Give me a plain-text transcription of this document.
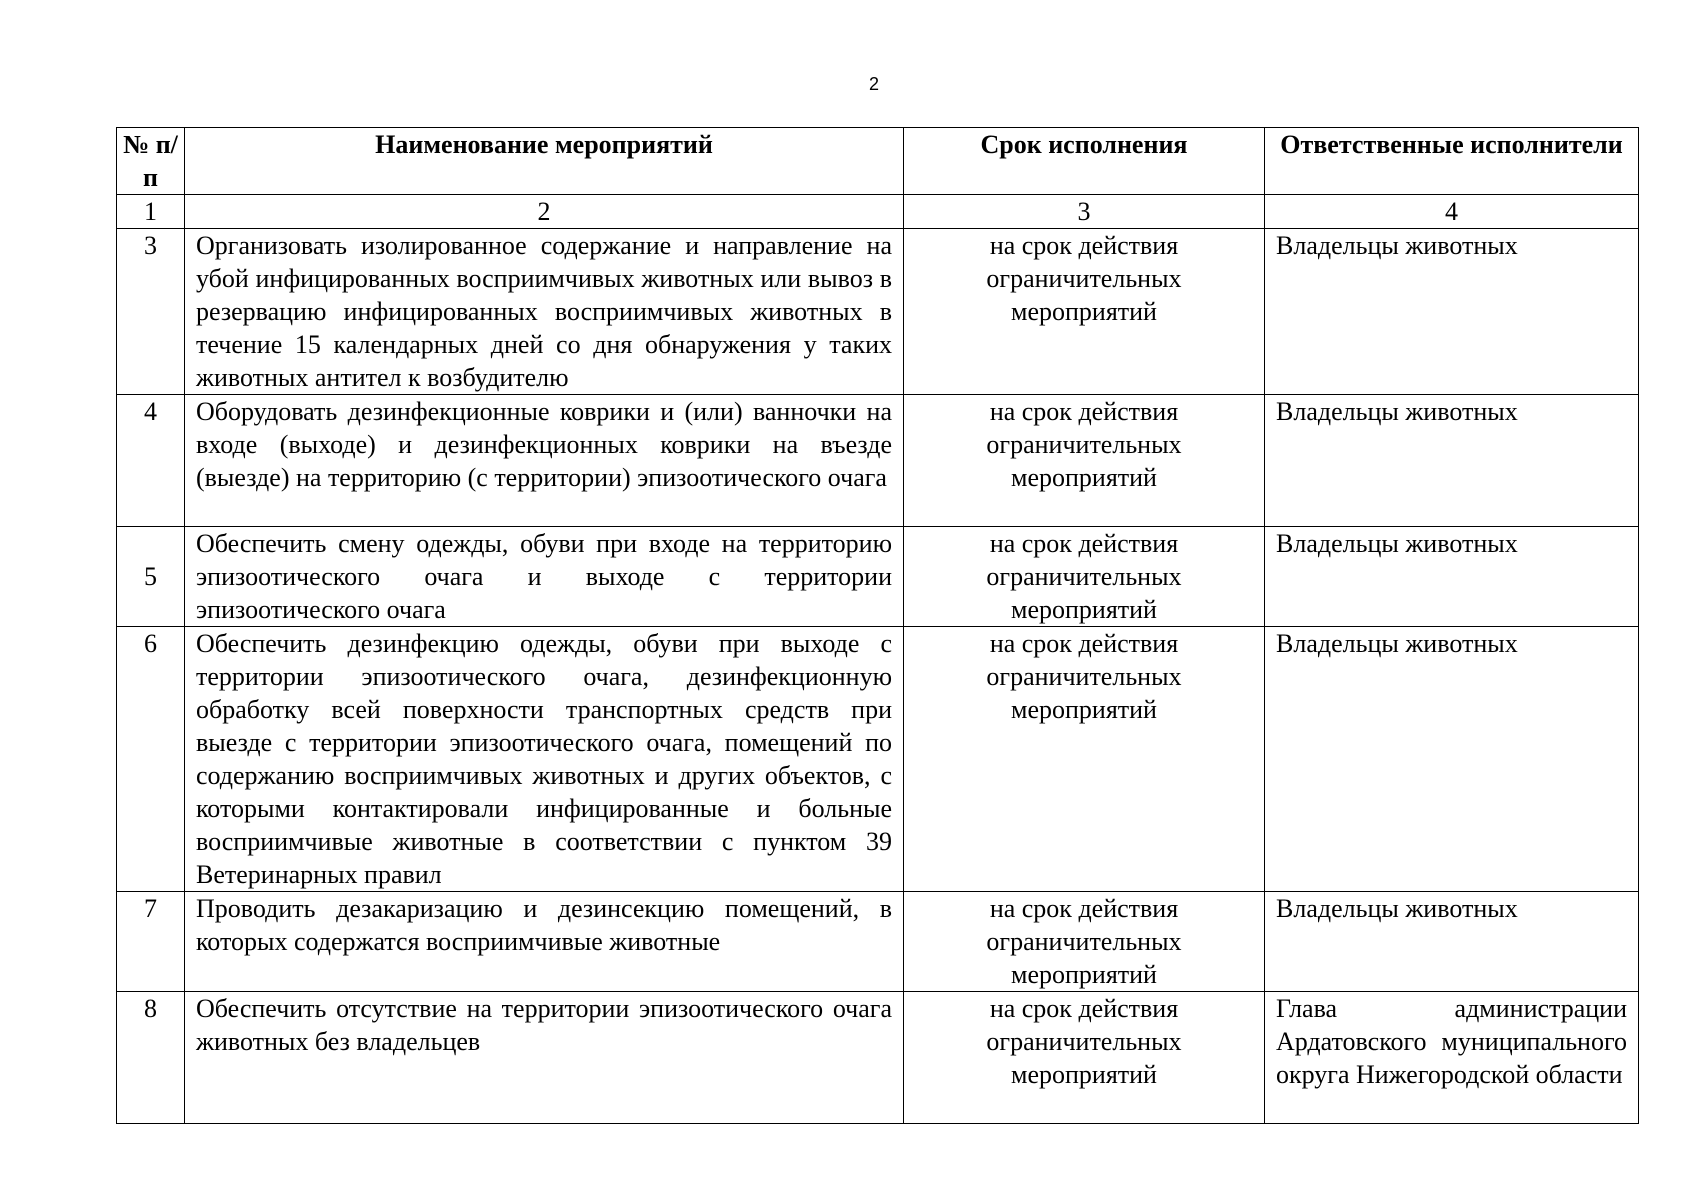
2
№ п/п	Наименование мероприятий	Срок исполнения	Ответственные исполнители
1	2	3	4
3	Организовать изолированное содержание и направление на убой инфицированных восприимчивых животных или вывоз в резервацию инфицированных восприимчивых животных в течение 15 календарных дней со дня обнаружения у таких животных антител к возбудителю	на срок действия ограничительных мероприятий	Владельцы животных
4	Оборудовать дезинфекционные коврики и (или) ванночки на входе (выходе) и дезинфекционных коврики на въезде (выезде) на территорию (с территории) эпизоотического очага	на срок действия ограничительных мероприятий	Владельцы животных
5	Обеспечить смену одежды, обуви при входе на территорию эпизоотического очага и выходе с территории эпизоотического очага	на срок действия ограничительных мероприятий	Владельцы животных
6	Обеспечить дезинфекцию одежды, обуви при выходе с территории эпизоотического очага, дезинфекционную обработку всей поверхности транспортных средств при выезде с территории эпизоотического очага, помещений по содержанию восприимчивых животных и других объектов, с которыми контактировали инфицированные и больные восприимчивые животные в соответствии с пунктом 39 Ветеринарных правил	на срок действия ограничительных мероприятий	Владельцы животных
7	Проводить дезакаризацию и дезинсекцию помещений, в которых содержатся восприимчивые животные	на срок действия ограничительных мероприятий	Владельцы животных
8	Обеспечить отсутствие на территории эпизоотического очага животных без владельцев	на срок действия ограничительных мероприятий	Глава администрации Ардатовского муниципального округа Нижегородской области
